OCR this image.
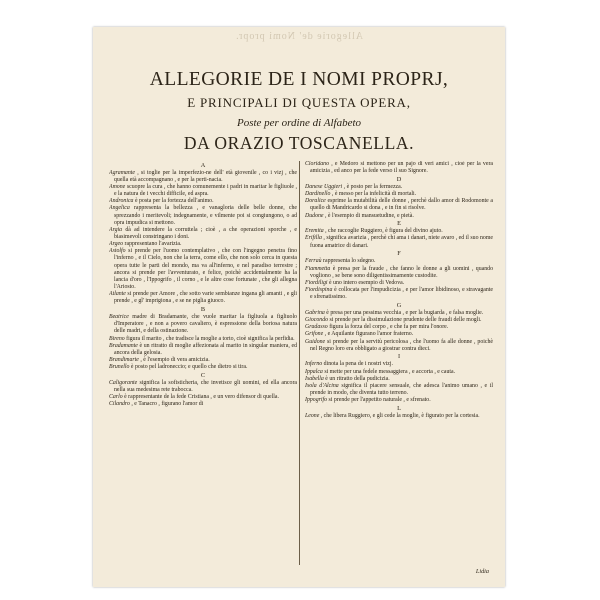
Allegorie de' Nomi propr.
ALLEGORIE DE I NOMI PROPRJ,
E PRINCIPALI DI QUESTA OPERA,
Poste per ordine di Alfabeto
DA ORAZIO TOSCANELLA.
A

Agramante , si toglie per la imperfezio-ne dell' età giovenile , co i vizj , che quella età accompagnano , e per la perti-nacia.

Amone scuopre la cura , che hanno comunemente i padri in maritar le figliuole , e la natura de i vecchi difficile, ed aspra.

Andronica è posta per la fortezza dell'animo.

Angelica rappresenta la bellezza , e vanagloria delle belle donne, che sprezzando i meritevoli; indegnamente, e vilmente poi si congiungono, o ad opra impudica si mettono.

Argia dà ad intendere la corruttela ; cioè , a che operazioni sporche , e biasimevoli constringano i doni.

Argeo rappresentano l'avarizia.

Astolfo si prende per l'uomo contemplativo , che con l'ingegno penetra fino l'inferno , e il Cielo, non che la terra, come ello, che non solo cerca in questa opera tutte le parti del mondo, ma va all'inferno, e nel paradiso terrestre ; ancora si prende per l'avventurato, e felice, poichè accidentalmente ha la lancia d'oro , l'Ippogrifo , il corno , e le altre cose fortunate , che gli allegna l'Ariosto.

Atlante si prende per Amore , che sotto varie sembianze ingana gli amanti , e gli prende , e gl' imprigiona , e se ne piglia giuoco.

B

Beatrice madre di Bradamante, che vuole maritar la figliuola a figliuolo d'Imperatore , e non a povero cavaliero, è espressione della boriosa natura delle madri, e della ostinazione.

Bireno figura il marito , che tradisce la moglie a torto, cioè significa la perfidia.

Bradamante è un ritratto di moglie affezionata al marito in singular maniera, ed ancora della gelosia.

Brandimarte , è l'esempio di vera amicizia.

Brunello è posto pel ladroneccio; e quello che dietro si tira.

C

Caligorante significa la sofisticheria, che invetisce gli uomini, ed ella ancora nella sua medesima rete trabocca.

Carlo è rappresentante de la fede Cristiana , e un vero difensor di quella.

Cilandro , e Tanacro , figurano l'amor di

Cloridano , e Medoro si mettono per un pajo di veri amici , cioè per la vera amicizia , ed anco per la fede verso il suo Signore.

D

Danese Uggieri , è posto per la fermezza.

Dardinello , è messo per la infelicità di mortali.

Doralice esprime la mutabilità delle donne , perchè dallo amor di Rodomonte a quello di Mandricardo si dona , e in fin si risolve.

Dudone , è l'esempio di mansuetudine, e pietà.

E

Eremita , che raccoglie Ruggiero, è figura del divino ajuto.

Erifilla , significa avarizia , perchè chi ama i danari, niete avaro , ed il suo nome fuona amatrice di danari.

F

Ferraù rappresenta lo sdegno.

Fiammetta è presa per la fraude , che fanno le donne a gli uomini , quando vogliono , se bene sono diligentissimamente custodite.

Fiordiligi è uno intero esempio di Vedova.

Fiordispina è collocata per l'impudicizia , e per l'amor libidinoso, e stravagante e sfrenatissimo.

G

Gabrina è presa per una pessima vecchia , e per la bugiarda , e falsa moglie.

Giocondo si prende per la dissimulazione prudente delle fraudi delle mogli.

Gradasso figura la forza del corpo , e che fa per mira l'onore.

Grifone , e Aquilante figurano l'amor fraterno.

Guidone si prende per la servitù pericolosa , che l'uomo fa alle donne , poichè nel Regno loro era obbligato a giostrar contra dieci.

I

Inferno dinota la pena de i nostri vizj.

Ippalca si mette per una fedele messaggiera , e accorta , e cauta.

Isabella è un ritratto della pudicizia.

Isola d'Alcina significa il piacere sensuale, che adesca l'animo umano , e il prende in modo, che diventa tutto terreno.

Ippogrifo si prende per l'appetito naturale , e sfrenato.

L

Leone , che libera Ruggiero, e gli cede la moglie, è figurato per la cortesia.

Lidia
